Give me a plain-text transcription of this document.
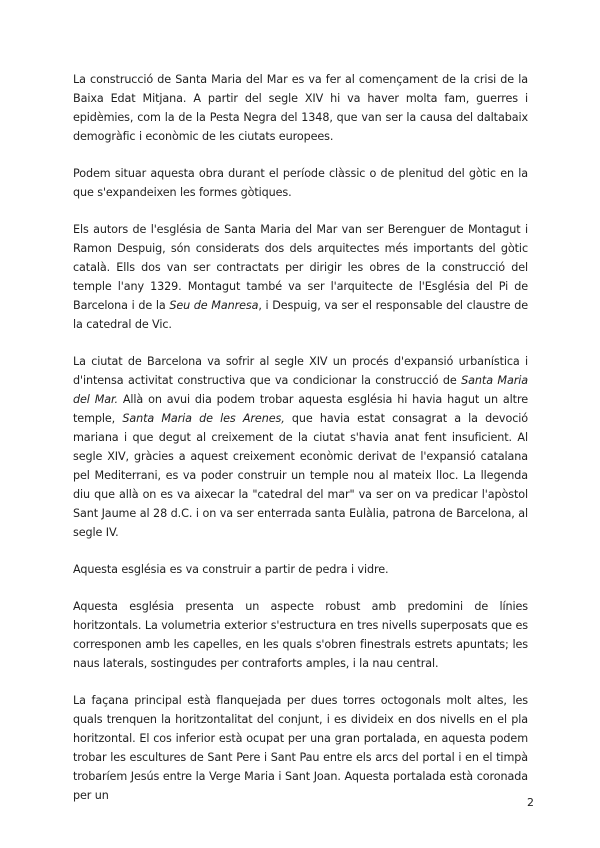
La construcció de Santa Maria del Mar es va fer al començament de la crisi de la Baixa Edat Mitjana. A partir del segle XIV hi va haver molta fam, guerres i epidèmies, com la de la Pesta Negra del 1348, que van ser la causa del daltabaix demogràfic i econòmic de les ciutats europees.

Podem situar aquesta obra durant el període clàssic o de plenitud del gòtic en la que s'expandeixen les formes gòtiques.

Els autors de l'església de Santa Maria del Mar van ser Berenguer de Montagut i Ramon Despuig, són considerats dos dels arquitectes més importants del gòtic català. Ells dos van ser contractats per dirigir les obres de la construcció del temple l'any 1329. Montagut també va ser l'arquitecte de l'Església del Pi de Barcelona i de la Seu de Manresa, i Despuig, va ser el responsable del claustre de la catedral de Vic.

La ciutat de Barcelona va sofrir al segle XIV un procés d'expansió urbanística i d'intensa activitat constructiva que va condicionar la construcció de Santa Maria del Mar. Allà on avui dia podem trobar aquesta església hi havia hagut un altre temple, Santa Maria de les Arenes, que havia estat consagrat a la devoció mariana i que degut al creixement de la ciutat s'havia anat fent insuficient. Al segle XIV, gràcies a aquest creixement econòmic derivat de l'expansió catalana pel Mediterrani, es va poder construir un temple nou al mateix lloc. La llegenda diu que allà on es va aixecar la "catedral del mar" va ser on va predicar l'apòstol Sant Jaume al 28 d.C. i on va ser enterrada santa Eulàlia, patrona de Barcelona, al segle IV.

Aquesta església es va construir a partir de pedra i vidre.

Aquesta església presenta un aspecte robust amb predomini de línies horitzontals. La volumetria exterior s'estructura en tres nivells superposats que es corresponen amb les capelles, en les quals s'obren finestrals estrets apuntats; les naus laterals, sostingudes per contraforts amples, i la nau central.

La façana principal està flanquejada per dues torres octogonals molt altes, les quals trenquen la horitzontalitat del conjunt, i es divideix en dos nivells en el pla horitzontal. El cos inferior està ocupat per una gran portalada, en aquesta podem trobar les escultures de Sant Pere i Sant Pau entre els arcs del portal i en el timpà trobaríem Jesús entre la Verge Maria i Sant Joan. Aquesta portalada està coronada per un

2
